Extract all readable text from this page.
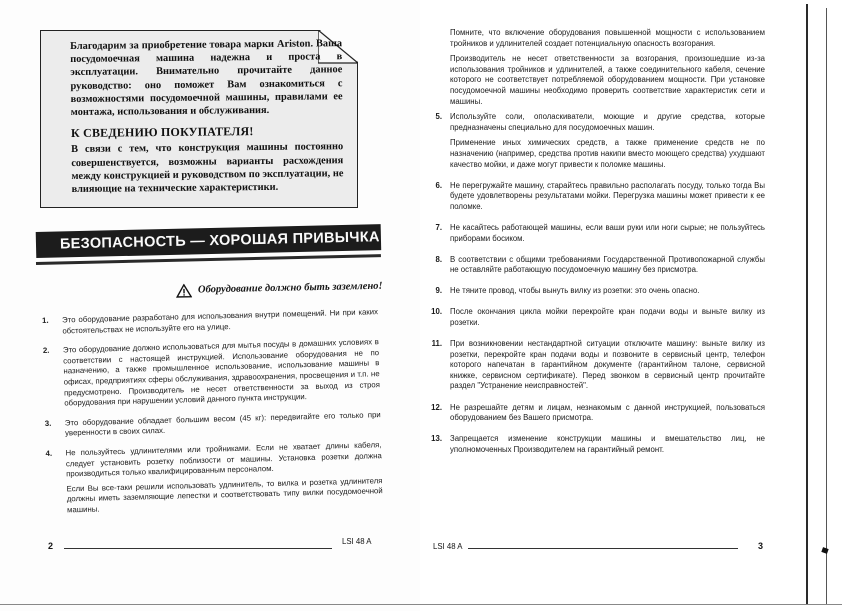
Благодарим за приобретение товара марки Ariston. Ваша посудомоечная машина надежна и проста в эксплуатации. Внимательно прочитайте данное руководство: оно поможет Вам ознакомиться с возможностями посудомоечной машины, правилами ее монтажа, использования и обслуживания.
К СВЕДЕНИЮ ПОКУПАТЕЛЯ!
В связи с тем, что конструкция машины постоянно совершенствуется, возможны варианты расхождения между конструкцией и руководством по эксплуатации, не влияющие на технические характеристики.
БЕЗОПАСНОСТЬ — ХОРОШАЯ ПРИВЫЧКА
Оборудование должно быть заземлено!
1.	Это оборудование разработано для использования внутри помещений. Ни при каких обстоятельствах не используйте его на улице.

2.	Это оборудование должно использоваться для мытья посуды в домашних условиях в соответствии с настоящей инструкцией. Использование оборудования не по назначению, а также промышленное использование, использование машины в офисах, предприятиях сферы обслуживания, здравоохранения, просвещения и т.п. не предусмотрено. Производитель не несет ответственности за выход из строя оборудования при нарушении условий данного пункта инструкции.

3.	Это оборудование обладает большим весом (45 кг): передвигайте его только при уверенности в своих силах.

4.	Не пользуйтесь удлинителями или тройниками. Если не хватает длины кабеля, следует установить розетку поблизости от машины. Установка розетки должна производиться только квалифицированным персоналом.

Если Вы все-таки решили использовать удлинитель, то вилка и розетка удлинителя должны иметь заземляющие лепестки и соответствовать типу вилки посудомоечной машины.

2	LSI 48 A

Помните, что включение оборудования повышенной мощности с использованием тройников и удлинителей создает потенциальную опасность возгорания.

Производитель не несет ответственности за возгорания, произошедшие из-за использования тройников и удлинителей, а также соединительного кабеля, сечение которого не соответствует потребляемой оборудованием мощности. При установке посудомоечной машины необходимо проверить соответствие характеристик сети и машины.

5.	Используйте соли, ополаскиватели, моющие и другие средства, которые предназначены специально для посудомоечных машин.

Применение иных химических средств, а также применение средств не по назначению (например, средства против накипи вместо моющего средства) ухудшают качество мойки, и даже могут привести к поломке машины.

6.	Не перегружайте машину, старайтесь правильно располагать посуду, только тогда Вы будете удовлетворены результатами мойки. Перегрузка машины может привести к ее поломке.

7.	Не касайтесь работающей машины, если ваши руки или ноги сырые; не пользуйтесь приборами босиком.

8.	В соответствии с общими требованиями Государственной Противопожарной службы не оставляйте работающую посудомоечную машину без присмотра.

9.	Не тяните провод, чтобы вынуть вилку из розетки: это очень опасно.

10.	После окончания цикла мойки перекройте кран подачи воды и выньте вилку из розетки.

11.	При возникновении нестандартной ситуации отключите машину: выньте вилку из розетки, перекройте кран подачи воды и позвоните в сервисный центр, телефон которого напечатан в гарантийном документе (гарантийном талоне, сервисной книжке, сервисном сертификате). Перед звонком в сервисный центр прочитайте раздел "Устранение неисправностей".

12.	Не разрешайте детям и лицам, незнакомым с данной инструкцией, пользоваться оборудованием без Вашего присмотра.

13.	Запрещается изменение конструкции машины и вмешательство лиц, не уполномоченных Производителем на гарантийный ремонт.

LSI 48 A	3
